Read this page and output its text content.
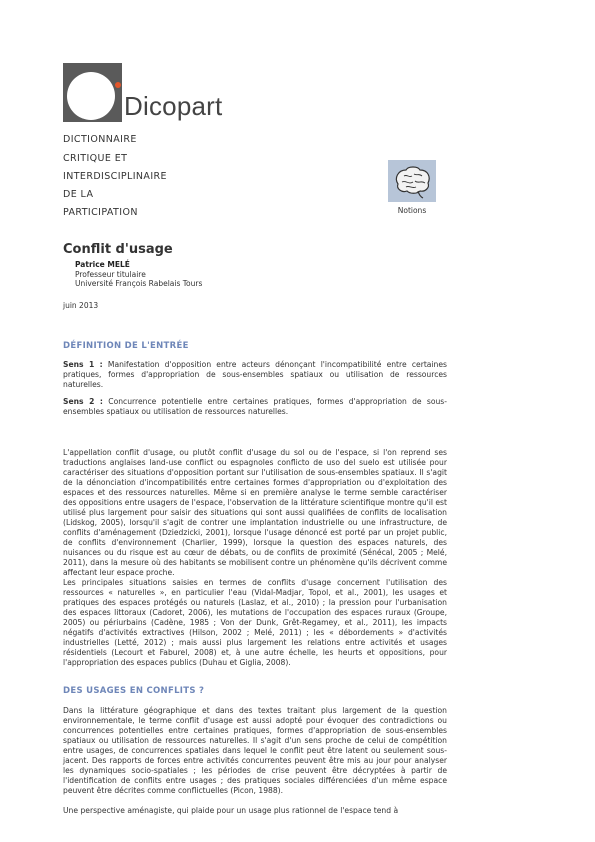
Dicopart
DICTIONNAIRE
CRITIQUE ET
INTERDISCIPLINAIRE
DE LA
PARTICIPATION	Notions
Conflit d'usage
Patrice MELÉ
Professeur titulaire
Université François Rabelais Tours
juin 2013
DÉFINITION DE L'ENTRÉE
Sens 1 : Manifestation d'opposition entre acteurs dénonçant l'incompatibilité entre certaines pratiques, formes d'appropriation de sous-ensembles spatiaux ou utilisation de ressources naturelles.
Sens 2 : Concurrence potentielle entre certaines pratiques, formes d'appropriation de sous-ensembles spatiaux ou utilisation de ressources naturelles.
L'appellation conflit d'usage, ou plutôt conflit d'usage du sol ou de l'espace, si l'on reprend ses traductions anglaises land-use conflict ou espagnoles conflicto de uso del suelo est utilisée pour caractériser des situations d'opposition portant sur l'utilisation de sous-ensembles spatiaux. Il s'agit de la dénonciation d'incompatibilités entre certaines formes d'appropriation ou d'exploitation des espaces et des ressources naturelles. Même si en première analyse le terme semble caractériser des oppositions entre usagers de l'espace, l'observation de la littérature scientifique montre qu'il est utilisé plus largement pour saisir des situations qui sont aussi qualifiées de conflits de localisation (Lidskog, 2005), lorsqu'il s'agit de contrer une implantation industrielle ou une infrastructure, de conflits d'aménagement (Dziedzicki, 2001), lorsque l'usage dénoncé est porté par un projet public, de conflits d'environnement (Charlier, 1999), lorsque la question des espaces naturels, des nuisances ou du risque est au cœur de débats, ou de conflits de proximité (Sénécal, 2005 ; Melé, 2011), dans la mesure où des habitants se mobilisent contre un phénomène qu'ils décrivent comme affectant leur espace proche.
Les principales situations saisies en termes de conflits d'usage concernent l'utilisation des ressources « naturelles », en particulier l'eau (Vidal-Madjar, Topol, et al., 2001), les usages et pratiques des espaces protégés ou naturels (Laslaz, et al., 2010) ; la pression pour l'urbanisation des espaces littoraux (Cadoret, 2006), les mutations de l'occupation des espaces ruraux (Groupe, 2005) ou périurbains (Cadène, 1985 ; Von der Dunk, Grêt-Regamey, et al., 2011), les impacts négatifs d'activités extractives (Hilson, 2002 ; Melé, 2011) ; les « débordements » d'activités industrielles (Letté, 2012) ; mais aussi plus largement les relations entre activités et usages résidentiels (Lecourt et Faburel, 2008) et, à une autre échelle, les heurts et oppositions, pour l'appropriation des espaces publics (Duhau et Giglia, 2008).
DES USAGES EN CONFLITS ?
Dans la littérature géographique et dans des textes traitant plus largement de la question environnementale, le terme conflit d'usage est aussi adopté pour évoquer des contradictions ou concurrences potentielles entre certaines pratiques, formes d'appropriation de sous-ensembles spatiaux ou utilisation de ressources naturelles. Il s'agit d'un sens proche de celui de compétition entre usages, de concurrences spatiales dans lequel le conflit peut être latent ou seulement sous-jacent. Des rapports de forces entre activités concurrentes peuvent être mis au jour pour analyser les dynamiques socio-spatiales ; les périodes de crise peuvent être décryptées à partir de l'identification de conflits entre usages ; des pratiques sociales différenciées d'un même espace peuvent être décrites comme conflictuelles (Picon, 1988).
Une perspective aménagiste, qui plaide pour un usage plus rationnel de l'espace tend à
